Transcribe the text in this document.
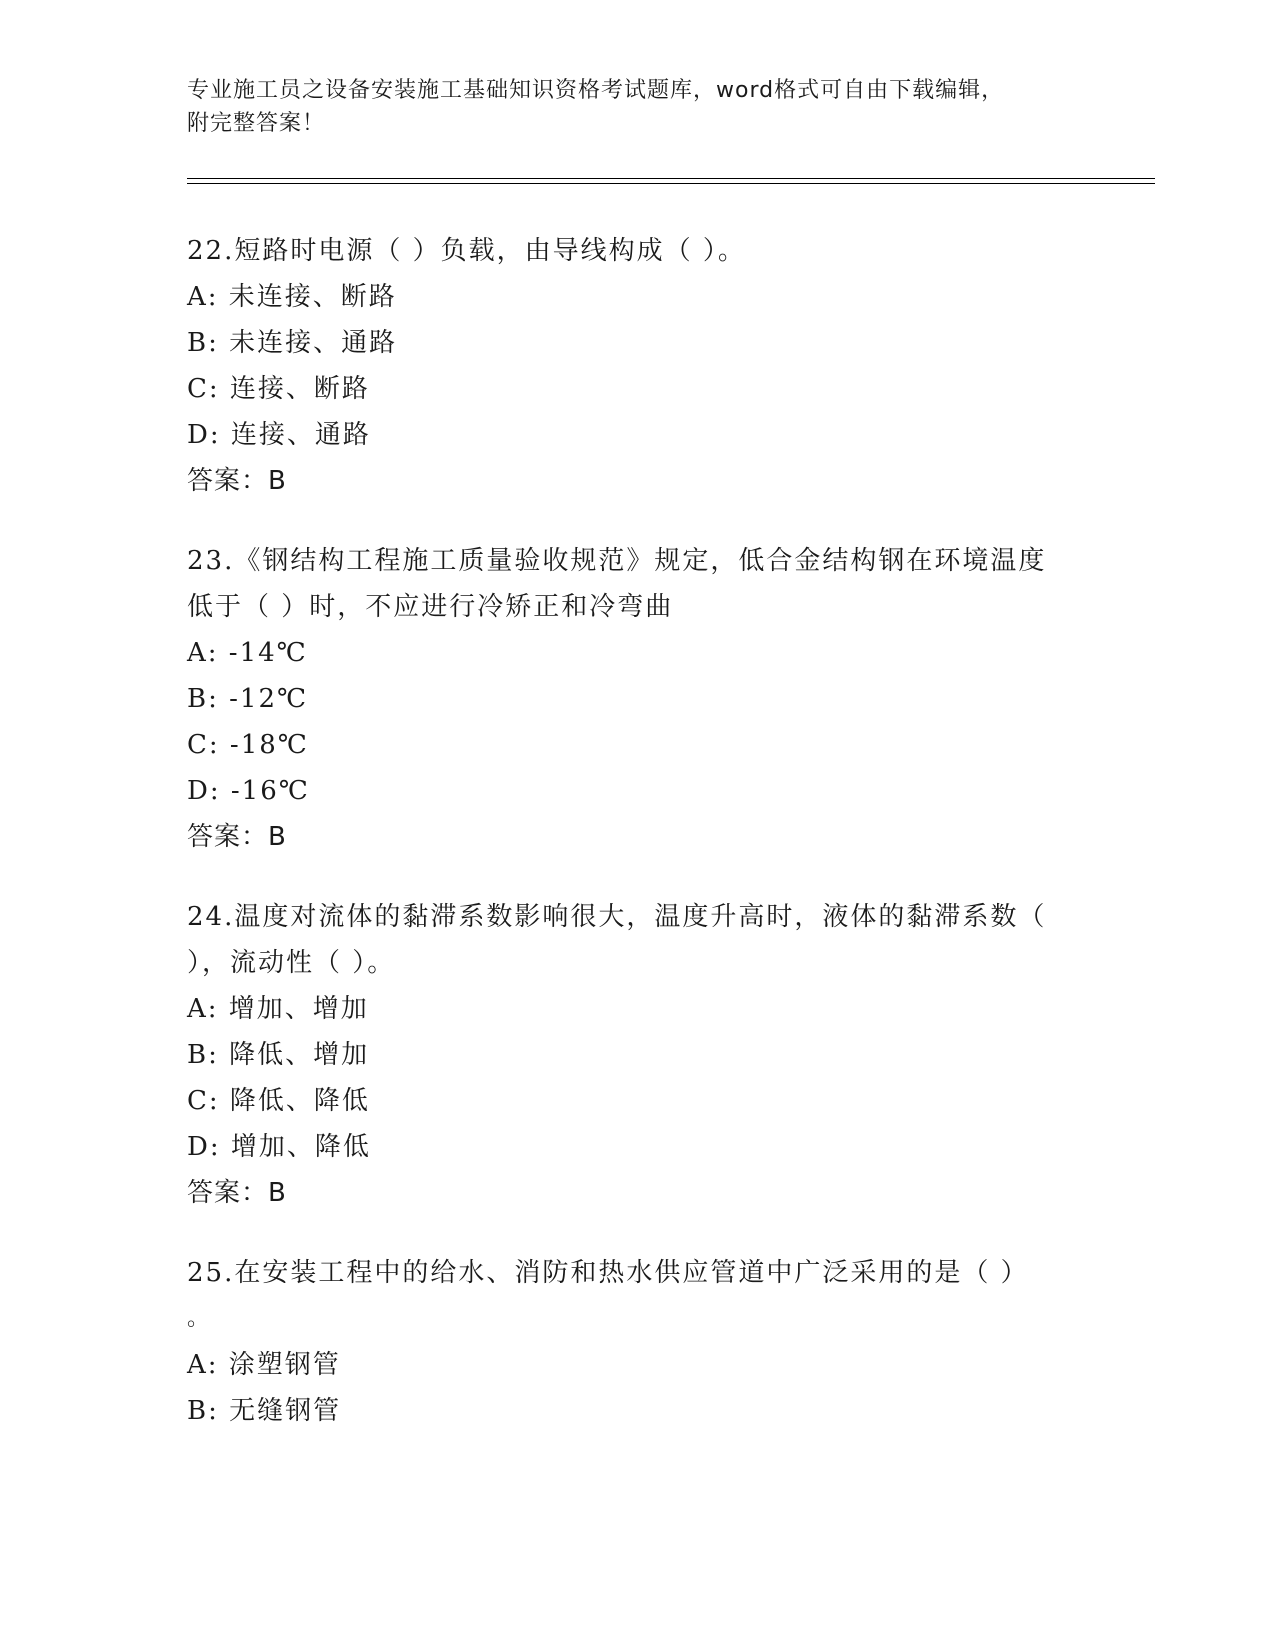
专业施工员之设备安装施工基础知识资格考试题库，word格式可自由下载编辑，
附完整答案！
22.短路时电源（ ）负载，由导线构成（ ）。
A: 未连接、断路
B: 未连接、通路
C: 连接、断路
D: 连接、通路
答案：B
23.《钢结构工程施工质量验收规范》规定，低合金结构钢在环境温度
低于（ ）时，不应进行冷矫正和冷弯曲
A: -14℃
B: -12℃
C: -18℃
D: -16℃
答案：B
24.温度对流体的黏滞系数影响很大，温度升高时，液体的黏滞系数（
），流动性（ ）。
A: 增加、增加
B: 降低、增加
C: 降低、降低
D: 增加、降低
答案：B
25.在安装工程中的给水、消防和热水供应管道中广泛采用的是（ ）
。
A: 涂塑钢管
B: 无缝钢管
